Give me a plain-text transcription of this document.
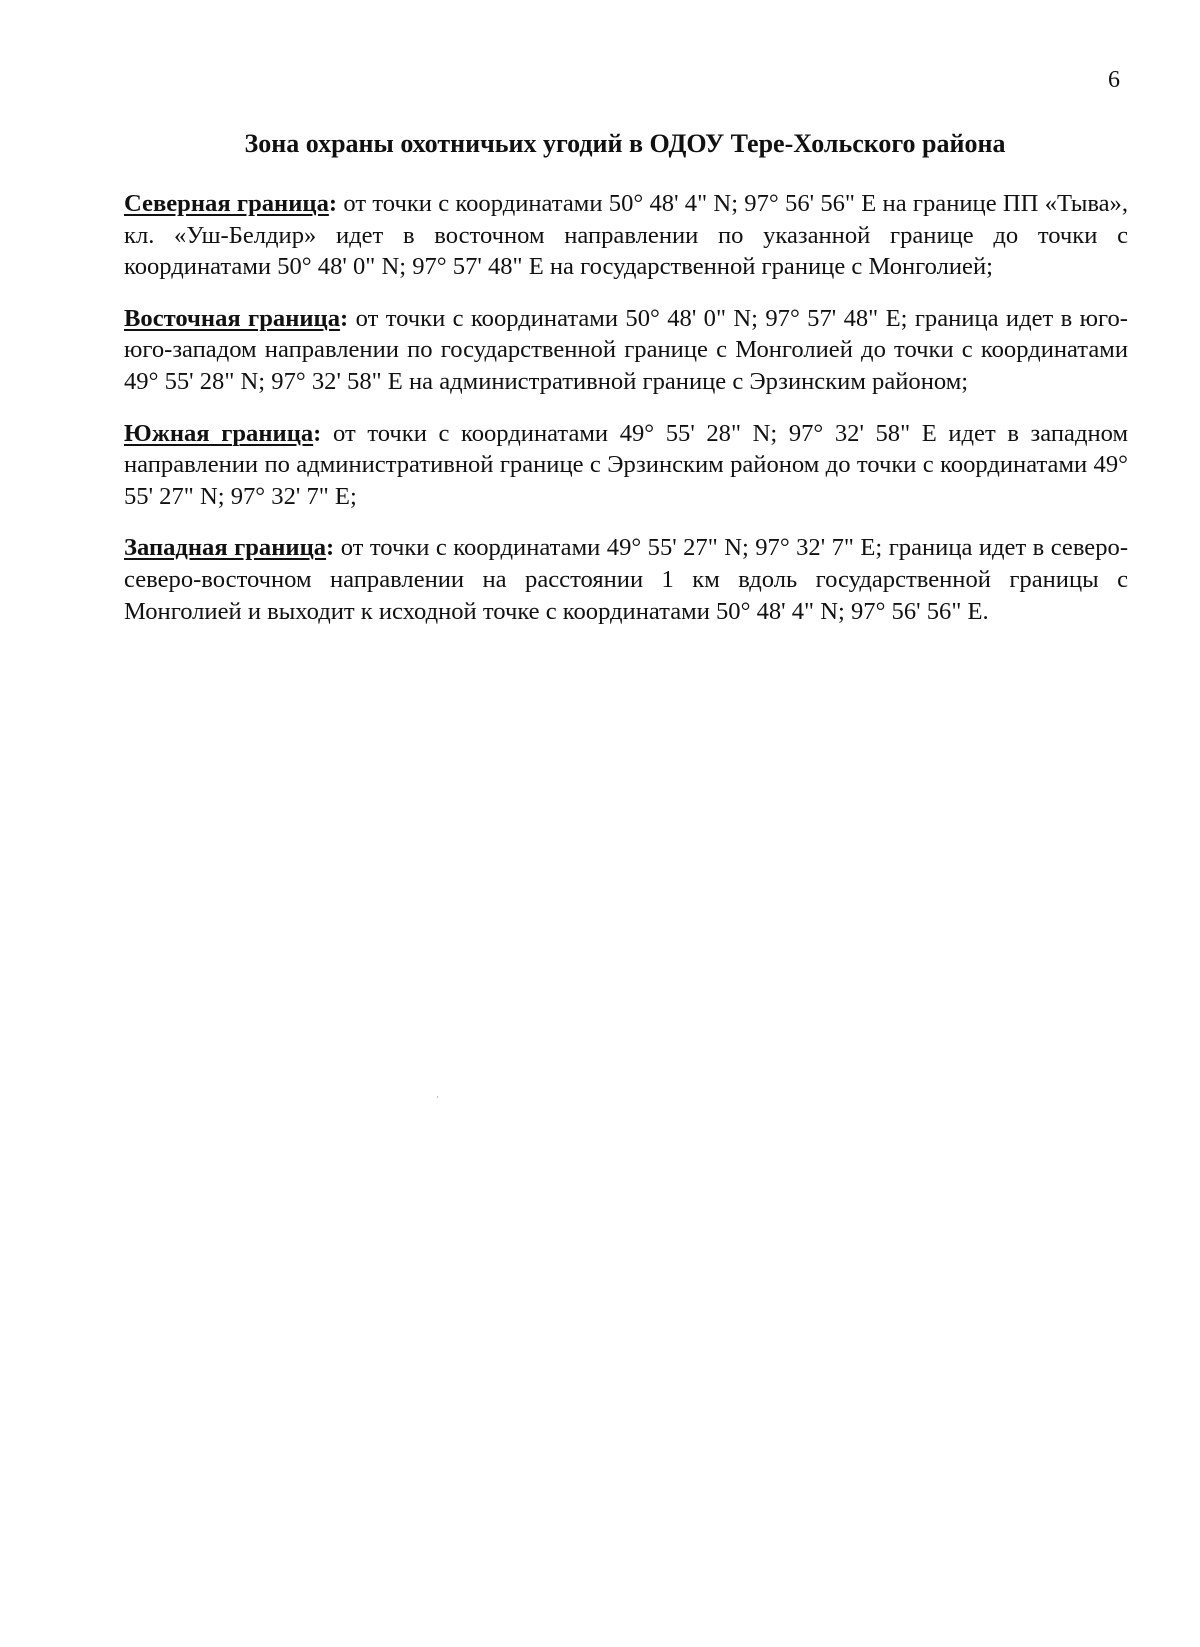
6
Зона охраны охотничьих угодий в ОДОУ Тере-Хольского района

Северная граница: от точки с координатами 50° 48' 4" N; 97° 56' 56" E на границе ПП «Тыва», кл. «Уш-Белдир» идет в восточном направлении по указанной границе до точки с координатами 50° 48' 0" N; 97° 57' 48" E на государственной границе с Монголией;

Восточная граница: от точки с координатами 50° 48' 0" N; 97° 57' 48" E; граница идет в юго-юго-западом направлении по государственной границе с Монголией до точки с координатами 49° 55' 28" N; 97° 32' 58" E на административной границе с Эрзинским районом;

Южная граница: от точки с координатами 49° 55' 28" N; 97° 32' 58" E идет в западном направлении по административной границе с Эрзинским районом до точки с координатами 49° 55' 27" N; 97° 32' 7" E;

Западная граница: от точки с координатами 49° 55' 27" N; 97° 32' 7" E; граница идет в северо-северо-восточном направлении на расстоянии 1 км вдоль государственной границы с Монголией и выходит к исходной точке с координатами 50° 48' 4" N; 97° 56' 56" E.
